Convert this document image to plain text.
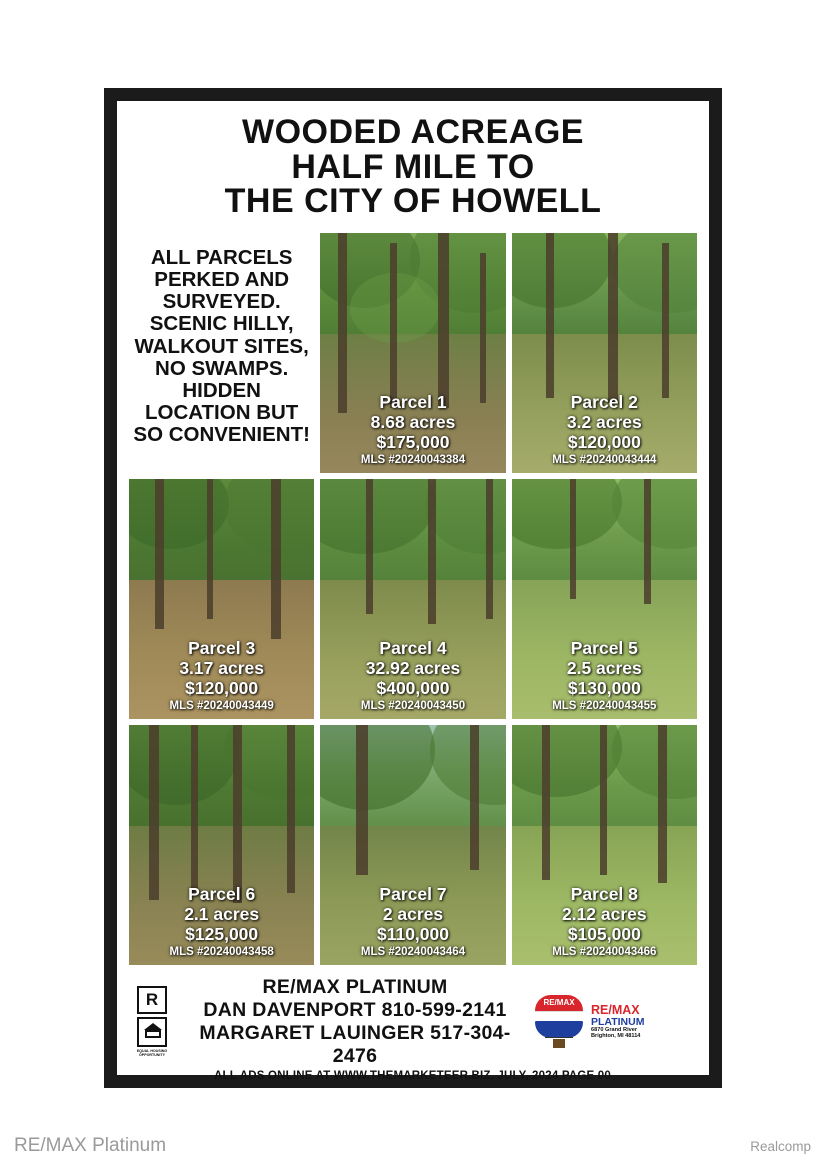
WOODED ACREAGE
HALF MILE TO
THE CITY OF HOWELL
ALL PARCELS PERKED AND SURVEYED. SCENIC HILLY, WALKOUT SITES, NO SWAMPS. HIDDEN LOCATION BUT SO CONVENIENT!
Parcel 1
8.68 acres
$175,000
MLS #20240043384
Parcel 2
3.2 acres
$120,000
MLS #20240043444
Parcel 3
3.17 acres
$120,000
MLS #20240043449
Parcel 4
32.92 acres
$400,000
MLS #20240043450
Parcel 5
2.5 acres
$130,000
MLS #20240043455
Parcel 6
2.1 acres
$125,000
MLS #20240043458
Parcel 7
2 acres
$110,000
MLS #20240043464
Parcel 8
2.12 acres
$105,000
MLS #20240043466
R
EQUAL HOUSING OPPORTUNITY
RE/MAX PLATINUM
DAN DAVENPORT 810-599-2141
MARGARET LAUINGER 517-304-2476
RE/MAX
RE/MAX
PLATINUM
6870 Grand River
Brighton, MI 48114
ALL ADS ONLINE AT WWW.THEMARKETEER.BIZ, JULY, 2024 PAGE 00
RE/MAX Platinum	Realcomp
